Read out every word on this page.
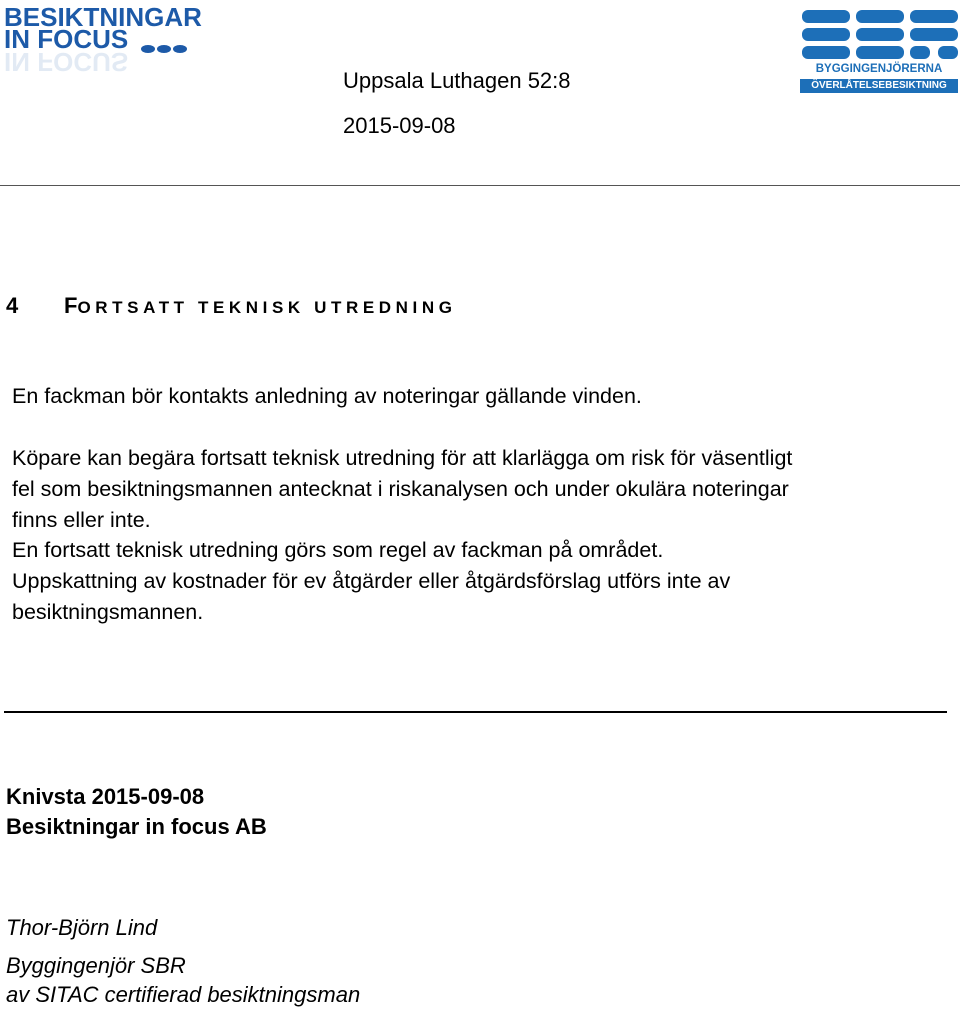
BESIKTNINGAR
IN FOCUS
IN FOCUS	BYGGINGENJÖRERNA
ÖVERLÅTELSEBESIKTNING
Uppsala Luthagen 52:8
2015-09-08
4 FORTSATT TEKNISK UTREDNING
En fackman bör kontakts anledning av noteringar gällande vinden.
Köpare kan begära fortsatt teknisk utredning för att klarlägga om risk för väsentligt
fel som besiktningsmannen antecknat i riskanalysen och under okulära noteringar
finns eller inte.
En fortsatt teknisk utredning görs som regel av fackman på området.
Uppskattning av kostnader för ev åtgärder eller åtgärdsförslag utförs inte av
besiktningsmannen.
Knivsta 2015-09-08
Besiktningar in focus AB
Thor-Björn Lind
Byggingenjör SBR
av SITAC certifierad besiktningsman
